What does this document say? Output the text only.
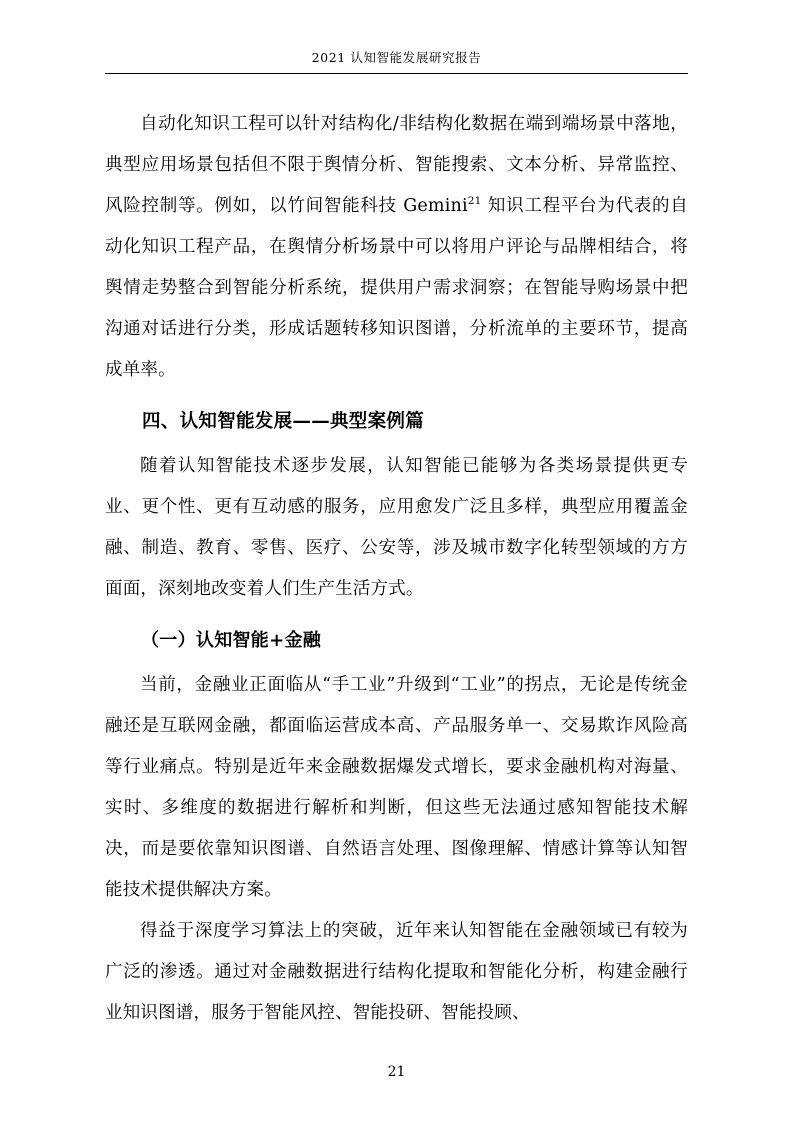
2021 认知智能发展研究报告

自动化知识工程可以针对结构化/非结构化数据在端到端场景中落地，典型应用场景包括但不限于舆情分析、智能搜索、文本分析、异常监控、风险控制等。例如，以竹间智能科技 Gemini$^{21}$ 知识工程平台为代表的自动化知识工程产品，在舆情分析场景中可以将用户评论与品牌相结合，将舆情走势整合到智能分析系统，提供用户需求洞察；在智能导购场景中把沟通对话进行分类，形成话题转移知识图谱，分析流单的主要环节，提高成单率。

四、认知智能发展——典型案例篇

随着认知智能技术逐步发展，认知智能已能够为各类场景提供更专业、更个性、更有互动感的服务，应用愈发广泛且多样，典型应用覆盖金融、制造、教育、零售、医疗、公安等，涉及城市数字化转型领域的方方面面，深刻地改变着人们生产生活方式。

（一）认知智能+金融

当前，金融业正面临从“手工业”升级到“工业”的拐点，无论是传统金融还是互联网金融，都面临运营成本高、产品服务单一、交易欺诈风险高等行业痛点。特别是近年来金融数据爆发式增长，要求金融机构对海量、实时、多维度的数据进行解析和判断，但这些无法通过感知智能技术解决，而是要依靠知识图谱、自然语言处理、图像理解、情感计算等认知智能技术提供解决方案。

得益于深度学习算法上的突破，近年来认知智能在金融领域已有较为广泛的渗透。通过对金融数据进行结构化提取和智能化分析，构建金融行业知识图谱，服务于智能风控、智能投研、智能投顾、

21
